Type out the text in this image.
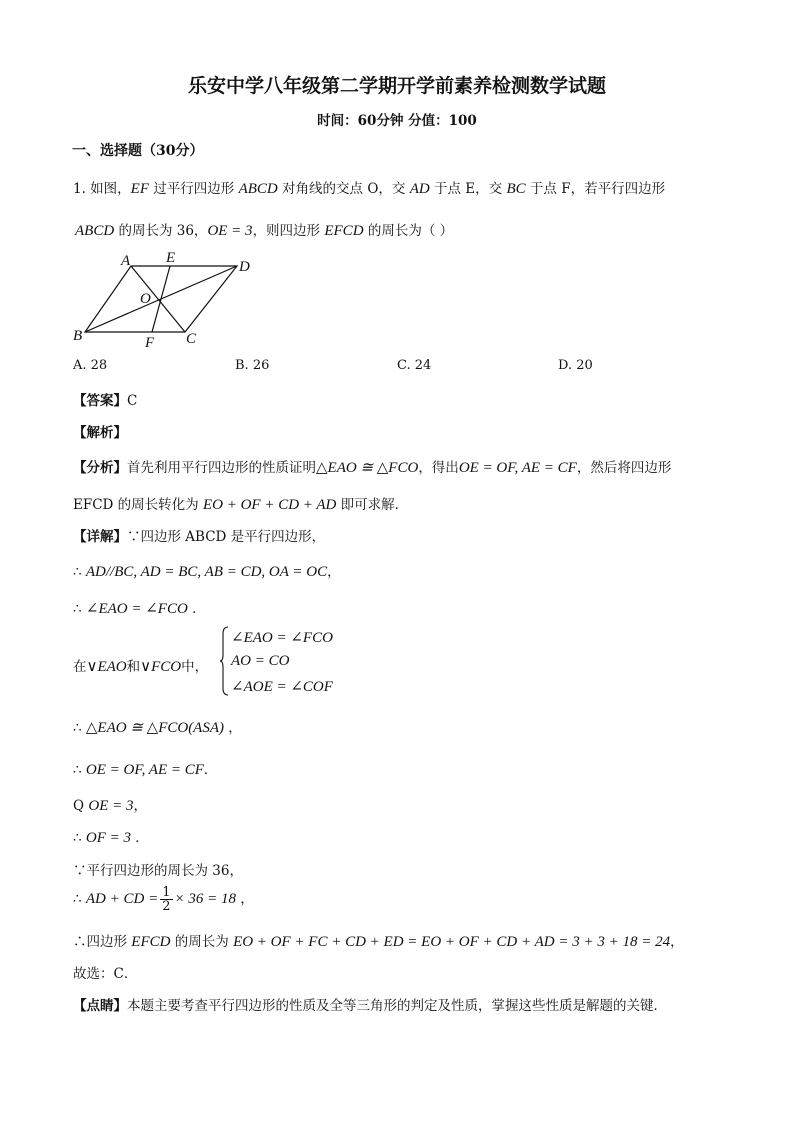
乐安中学八年级第二学期开学前素养检测数学试题
时间：60分钟 分值：100
一、选择题（30分）
1. 如图，EF 过平行四边形 ABCD 对角线的交点 O，交 AD 于点 E，交 BC 于点 F，若平行四边形
ABCD 的周长为 36，OE = 3，则四边形 EFCD 的周长为（ ）
A E
D
O
B	F C
A. 28	B. 26	C. 24	D. 20
【答案】C
【解析】
【分析】首先利用平行四边形的性质证明△EAO ≅ △FCO，得出OE = OF, AE = CF，然后将四边形
EFCD 的周长转化为 EO + OF + CD + AD 即可求解．
【详解】∵四边形 ABCD 是平行四边形，
∴ AD//BC, AD = BC, AB = CD, OA = OC，
∴ ∠EAO = ∠FCO ．
在∨EAO和∨FCO中，
∠EAO = ∠FCO
AO = CO
∠AOE = ∠COF
∴ △EAO ≅ △FCO(ASA) ，
∴ OE = OF, AE = CF．
Q OE = 3，
∴ OF = 3 ．
∵平行四边形的周长为 36，
∴ AD + CD = $\frac{1}{2} \times 36 = 18$ ，
∴四边形 EFCD 的周长为 EO + OF + FC + CD + ED = EO + OF + CD + AD = 3 + 3 + 18 = 24，
故选：C．
【点睛】本题主要考查平行四边形的性质及全等三角形的判定及性质，掌握这些性质是解题的关键．
